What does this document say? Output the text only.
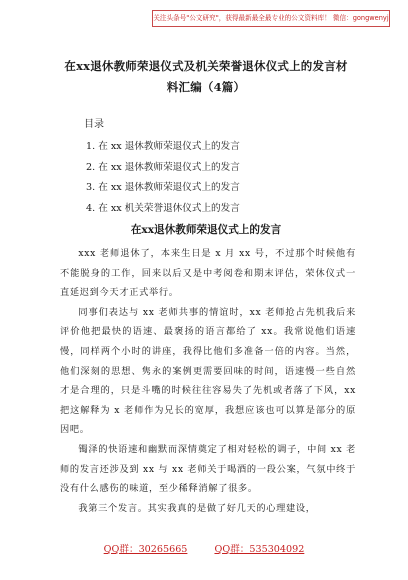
关注头条号"公文研究"，获得最新最全最专业的公文资料库！ 微信：gongwenyj
在xx退休教师荣退仪式及机关荣誉退休仪式上的发言材料汇编（4篇）
目录
1. 在 xx 退休教师荣退仪式上的发言
2. 在 xx 退休教师荣退仪式上的发言
3. 在 xx 退休教师荣退仪式上的发言
4. 在 xx 机关荣誉退休仪式上的发言
在xx退休教师荣退仪式上的发言

xxx 老师退休了，本来生日是 x 月 xx 号，不过那个时候他有不能脱身的工作，回来以后又是中考阅卷和期末评估，荣休仪式一直延迟到今天才正式举行。

同事们表达与 xx 老师共事的情谊时，xx 老师抢占先机我后来评价他把最快的语速、最褒扬的语言都给了 xx。我常说他们语速慢，同样两个小时的讲座，我得比他们多准备一倍的内容。当然，他们深刻的思想、隽永的案例更需要回味的时间，语速慢一些自然才是合理的，只是斗嘴的时候往往容易失了先机或者落了下风，xx 把这解释为 x 老师作为兄长的宽厚，我想应该也可以算是部分的原因吧。

镯泽的快语速和幽默而深情奠定了相对轻松的调子，中间 xx 老师的发言还涉及到 xx 与 xx 老师关于喝酒的一段公案，气氛中终于没有什么感伤的味道，至少稀释消解了很多。

我第三个发言。其实我真的是做了好几天的心理建设，

QQ群：30265665	QQ群：535304092
